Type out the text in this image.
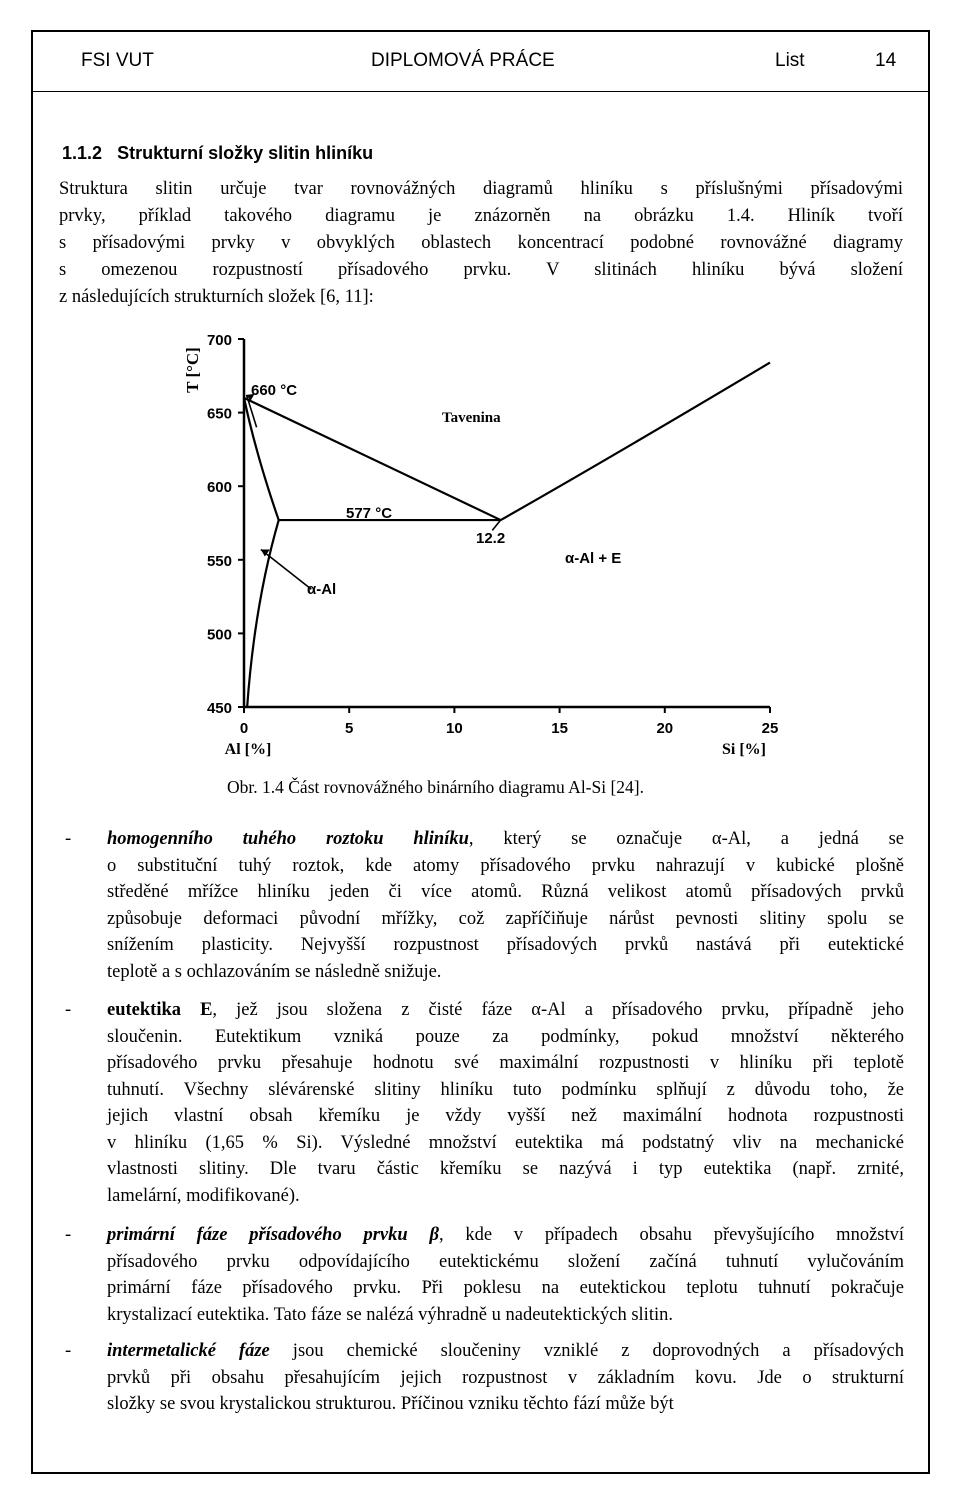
FSI VUT	DIPLOMOVÁ PRÁCE	List	14
1.1.2 Strukturní složky slitin hliníku
Struktura slitin určuje tvar rovnovážných diagramů hliníku s příslušnými přísadovými
prvky, příklad takového diagramu je znázorněn na obrázku 1.4. Hliník tvoří
s přísadovými prvky v obvyklých oblastech koncentrací podobné rovnovážné diagramy
s omezenou rozpustností přísadového prvku. V slitinách hliníku bývá složení
z následujících strukturních složek [6, 11]:
700
650
600
550
500
450
0	5	10	15	20	25
T [°C]
Al [%]	Si [%]
660 °C
Tavenina
577 °C
12.2
α-Al
α-Al + E
Obr. 1.4 Část rovnovážného binárního diagramu Al-Si [24].
- homogenního tuhého roztoku hliníku, který se označuje α-Al, a jedná se
o substituční tuhý roztok, kde atomy přísadového prvku nahrazují v kubické plošně
středěné mřížce hliníku jeden či více atomů. Různá velikost atomů přísadových prvků
způsobuje deformaci původní mřížky, což zapříčiňuje nárůst pevnosti slitiny spolu se
snížením plasticity. Nejvyšší rozpustnost přísadových prvků nastává při eutektické
teplotě a s ochlazováním se následně snižuje.
- eutektika E, jež jsou složena z čisté fáze α-Al a přísadového prvku, případně jeho
sloučenin. Eutektikum vzniká pouze za podmínky, pokud množství některého
přísadového prvku přesahuje hodnotu své maximální rozpustnosti v hliníku při teplotě
tuhnutí. Všechny slévárenské slitiny hliníku tuto podmínku splňují z důvodu toho, že
jejich vlastní obsah křemíku je vždy vyšší než maximální hodnota rozpustnosti
v hliníku (1,65 % Si). Výsledné množství eutektika má podstatný vliv na mechanické
vlastnosti slitiny. Dle tvaru částic křemíku se nazývá i typ eutektika (např. zrnité,
lamelární, modifikované).
- primární fáze přísadového prvku β, kde v případech obsahu převyšujícího množství
přísadového prvku odpovídajícího eutektickému složení začíná tuhnutí vylučováním
primární fáze přísadového prvku. Při poklesu na eutektickou teplotu tuhnutí pokračuje
krystalizací eutektika. Tato fáze se nalézá výhradně u nadeutektických slitin.
- intermetalické fáze jsou chemické sloučeniny vzniklé z doprovodných a přísadových
prvků při obsahu přesahujícím jejich rozpustnost v základním kovu. Jde o strukturní
složky se svou krystalickou strukturou. Příčinou vzniku těchto fází může být
